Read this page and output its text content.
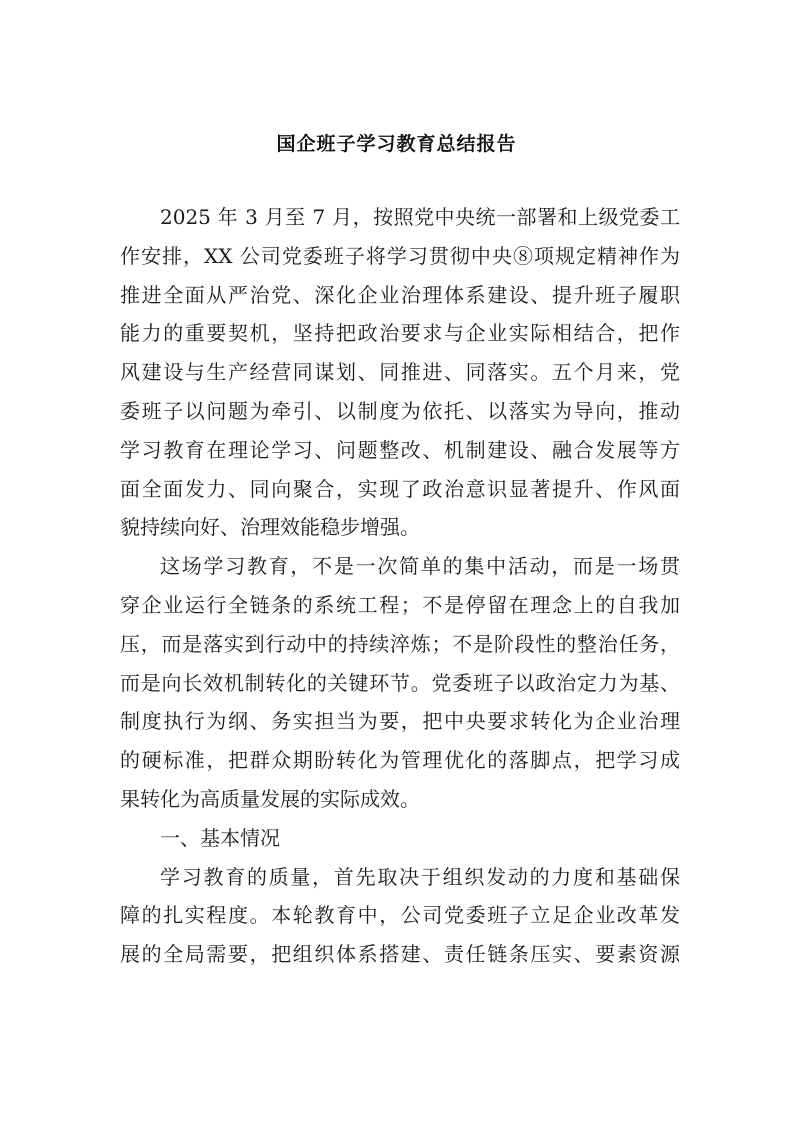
国企班子学习教育总结报告
2025 年 3 月至 7 月，按照党中央统一部署和上级党委工
作安排，XX 公司党委班子将学习贯彻中央⑧项规定精神作为
推进全面从严治党、深化企业治理体系建设、提升班子履职
能力的重要契机，坚持把政治要求与企业实际相结合，把作
风建设与生产经营同谋划、同推进、同落实。五个月来，党
委班子以问题为牵引、以制度为依托、以落实为导向，推动
学习教育在理论学习、问题整改、机制建设、融合发展等方
面全面发力、同向聚合，实现了政治意识显著提升、作风面
貌持续向好、治理效能稳步增强。
这场学习教育，不是一次简单的集中活动，而是一场贯
穿企业运行全链条的系统工程；不是停留在理念上的自我加
压，而是落实到行动中的持续淬炼；不是阶段性的整治任务，
而是向长效机制转化的关键环节。党委班子以政治定力为基、
制度执行为纲、务实担当为要，把中央要求转化为企业治理
的硬标准，把群众期盼转化为管理优化的落脚点，把学习成
果转化为高质量发展的实际成效。
一、基本情况
学习教育的质量，首先取决于组织发动的力度和基础保
障的扎实程度。本轮教育中，公司党委班子立足企业改革发
展的全局需要，把组织体系搭建、责任链条压实、要素资源
